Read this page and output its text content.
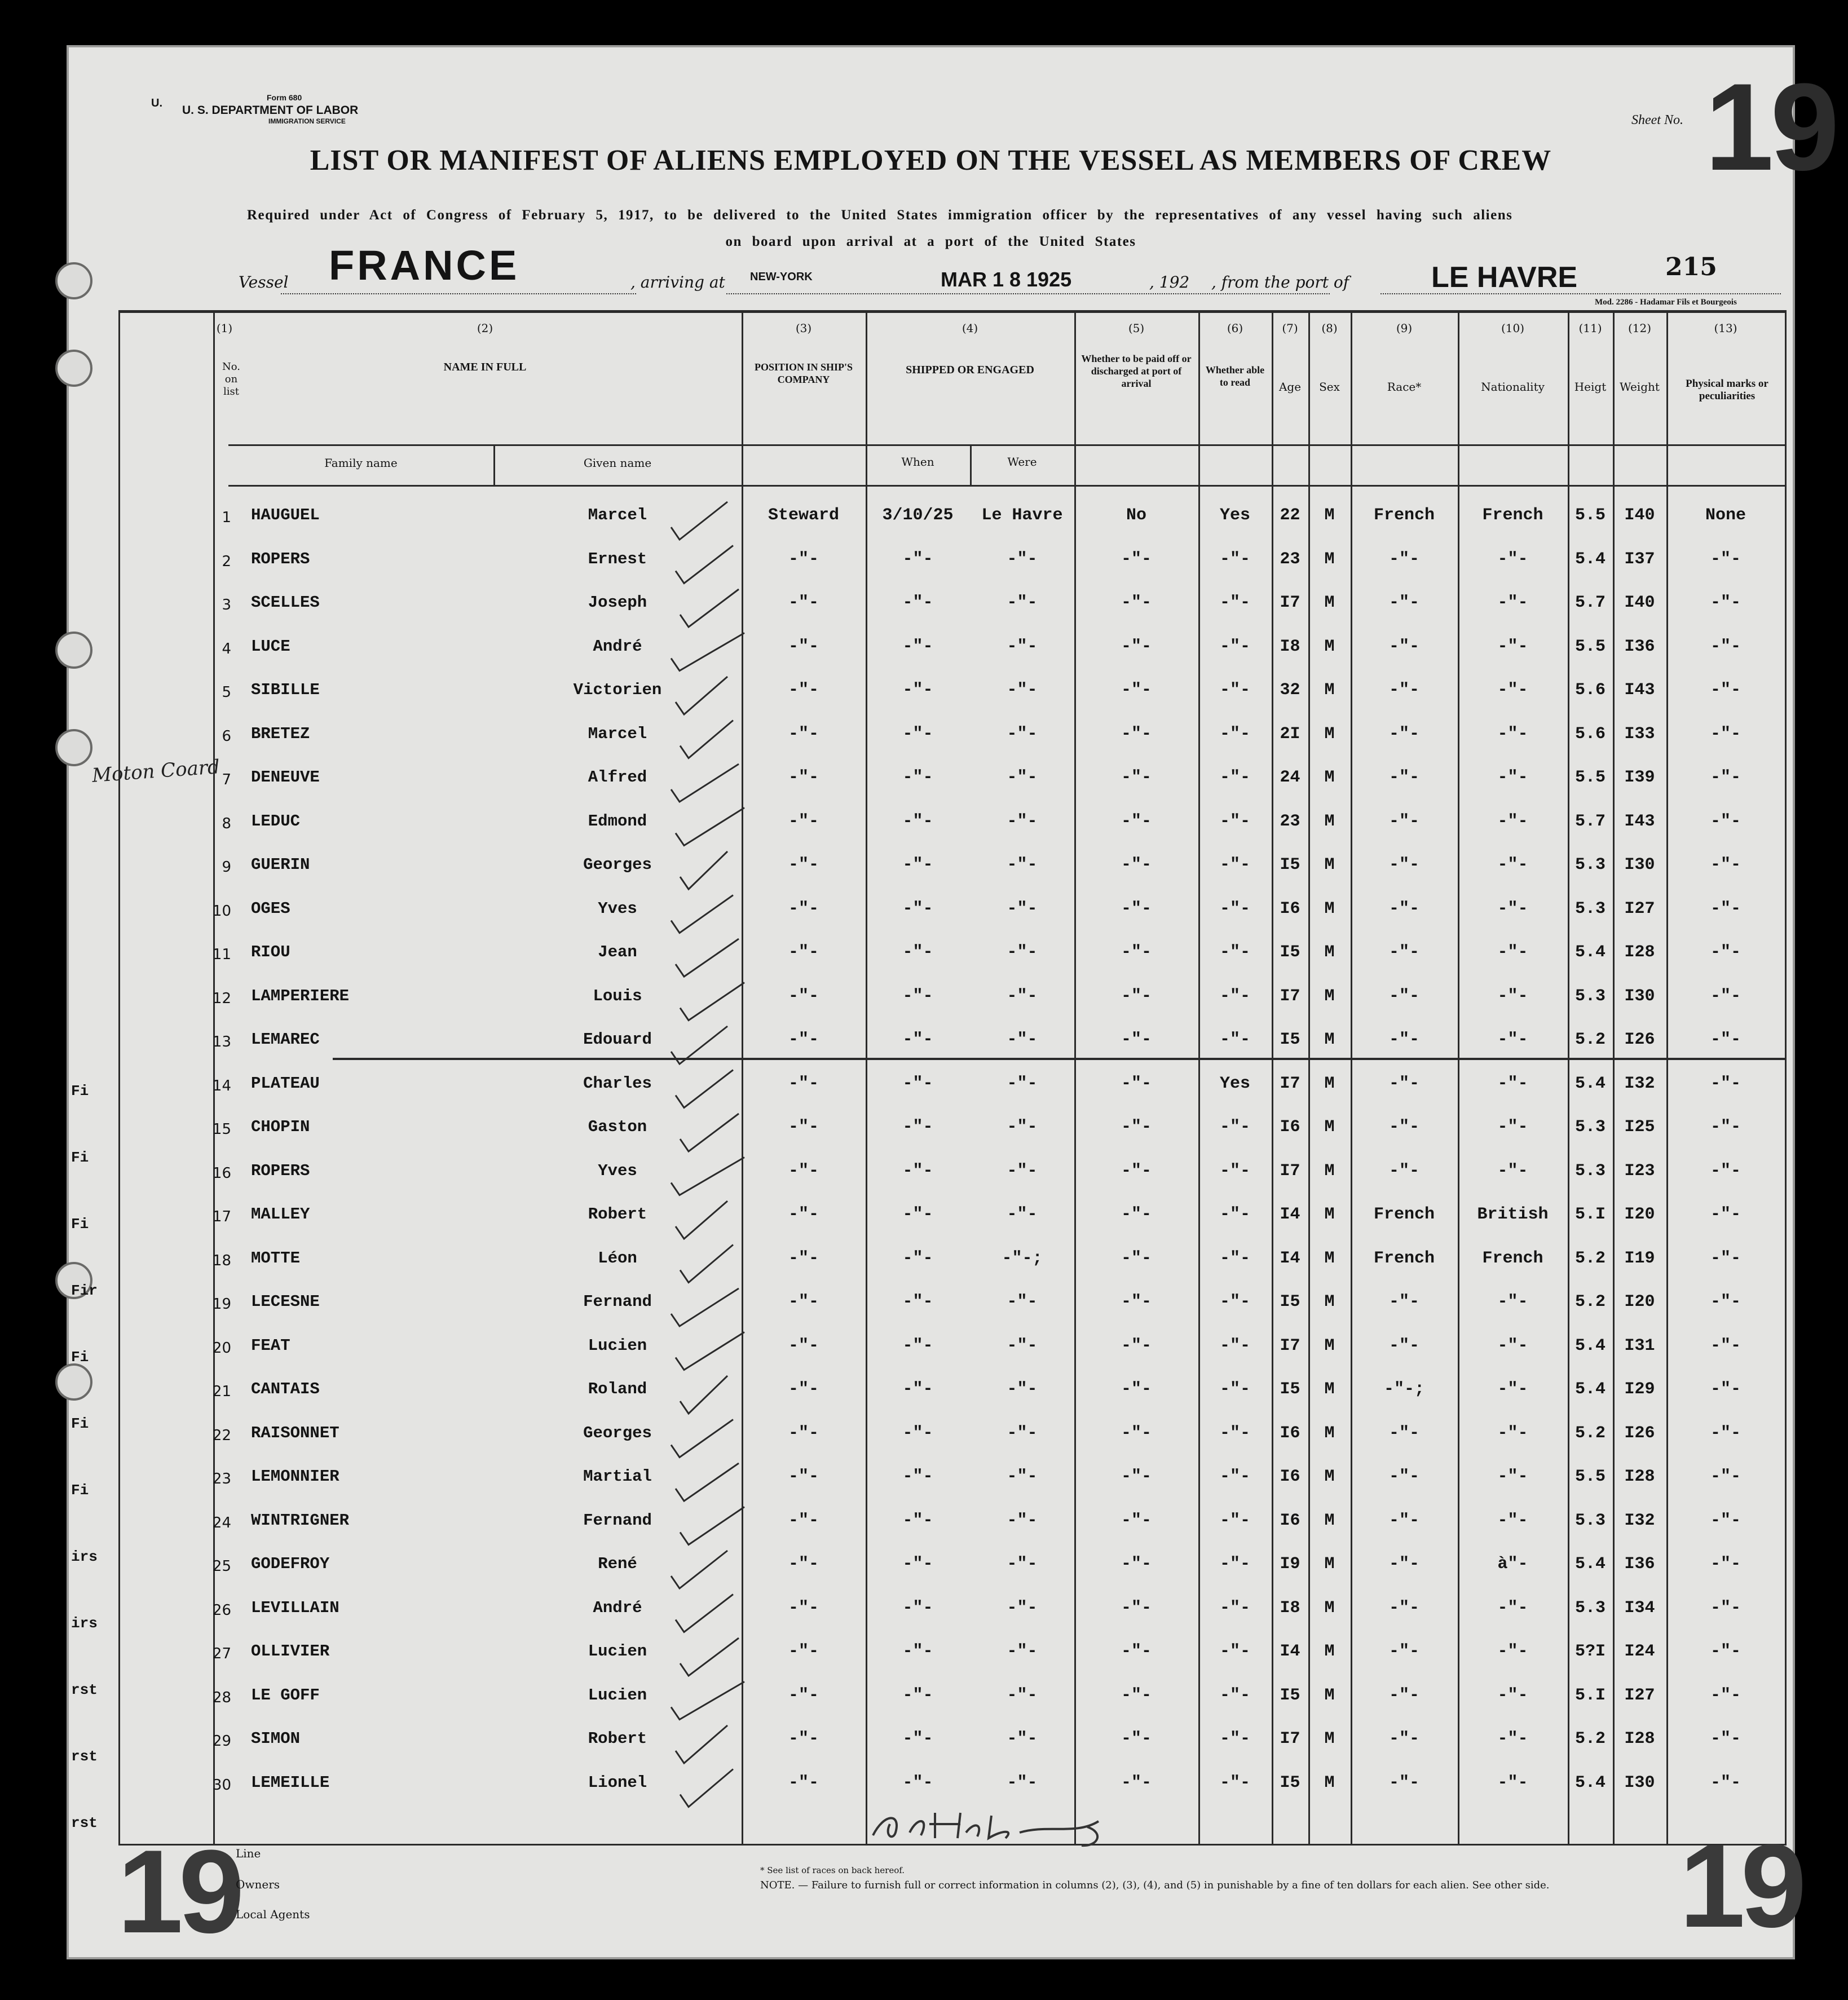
U.	Form 680
U. S. DEPARTMENT OF LABOR
IMMIGRATION SERVICE	Sheet No. 19
LIST OR MANIFEST OF ALIENS EMPLOYED ON THE VESSEL AS MEMBERS OF CREW
Required under Act of Congress of February 5, 1917, to be delivered to the United States immigration officer by the representatives of any vessel having such aliens
on board upon arrival at a port of the United States
Vessel FRANCE	, arriving at NEW-YORK	MAR 1 8 1925	, 192 , from the port of	LE HAVRE	215
Mod. 2286 - Hadamar Fils et Bourgeois
(1)	(2)	(3)	(4)	(5)	(6)	(7)	(8)	(9)	(10)	(11)	(12)	(13)
No. on list
NAME IN FULL
Family name	Given name
POSITION IN SHIP'S COMPANY
SHIPPED OR ENGAGED
When	Were
Whether to be paid off or discharged at port of arrival
Whether able to read	Age	Sex	Race*	Nationality	Heigt	Weight	Physical marks or peculiarities
1 HAUGUEL	Marcel	Steward	3/10/25	Le Havre	No	Yes	22	M	French	French	5.5	I40	None
2 ROPERS	Ernest	-"-	-"-	-"-	-"-	-"-	23	M	-"-	-"-	5.4	I37	-"-
3 SCELLES	Joseph	-"-	-"-	-"-	-"-	-"-	I7	M	-"-	-"-	5.7	I40	-"-
4 LUCE	André	-"-	-"-	-"-	-"-	-"-	I8	M	-"-	-"-	5.5	I36	-"-
5 SIBILLE	Victorien	-"-	-"-	-"-	-"-	-"-	32	M	-"-	-"-	5.6	I43	-"-
6 BRETEZ	Marcel	-"-	-"-	-"-	-"-	-"-	2I	M	-"-	-"-	5.6	I33	-"-
7 DENEUVE	Alfred	-"-	-"-	-"-	-"-	-"-	24	M	-"-	-"-	5.5	I39	-"-
8 LEDUC	Edmond	-"-	-"-	-"-	-"-	-"-	23	M	-"-	-"-	5.7	I43	-"-
9 GUERIN	Georges	-"-	-"-	-"-	-"-	-"-	I5	M	-"-	-"-	5.3	I30	-"-
10 OGES	Yves	-"-	-"-	-"-	-"-	-"-	I6	M	-"-	-"-	5.3	I27	-"-
11 RIOU	Jean	-"-	-"-	-"-	-"-	-"-	I5	M	-"-	-"-	5.4	I28	-"-
12 LAMPERIERE	Louis	-"-	-"-	-"-	-"-	-"-	I7	M	-"-	-"-	5.3	I30	-"-
13 LEMAREC	Edouard	-"-	-"-	-"-	-"-	-"-	I5	M	-"-	-"-	5.2	I26	-"-
14 PLATEAU	Charles	-"-	-"-	-"-	-"-	Yes	I7	M	-"-	-"-	5.4	I32	-"-
15 CHOPIN	Gaston	-"-	-"-	-"-	-"-	-"-	I6	M	-"-	-"-	5.3	I25	-"-
16 ROPERS	Yves	-"-	-"-	-"-	-"-	-"-	I7	M	-"-	-"-	5.3	I23	-"-
17 MALLEY	Robert	-"-	-"-	-"-	-"-	-"-	I4	M	French	British	5.I	I20	-"-
18 MOTTE	Léon	-"-	-"-	-"-;	-"-	-"-	I4	M	French	French	5.2	I19	-"-
19 LECESNE	Fernand	-"-	-"-	-"-	-"-	-"-	I5	M	-"-	-"-	5.2	I20	-"-
20 FEAT	Lucien	-"-	-"-	-"-	-"-	-"-	I7	M	-"-	-"-	5.4	I31	-"-
21 CANTAIS	Roland	-"-	-"-	-"-	-"-	-"-	I5	M	-"-;	-"-	5.4	I29	-"-
22 RAISONNET	Georges	-"-	-"-	-"-	-"-	-"-	I6	M	-"-	-"-	5.2	I26	-"-
23 LEMONNIER	Martial	-"-	-"-	-"-	-"-	-"-	I6	M	-"-	-"-	5.5	I28	-"-
24 WINTRIGNER	Fernand	-"-	-"-	-"-	-"-	-"-	I6	M	-"-	-"-	5.3	I32	-"-
25 GODEFROY	René	-"-	-"-	-"-	-"-	-"-	I9	M	-"-	à"-	5.4	I36	-"-
26 LEVILLAIN	André	-"-	-"-	-"-	-"-	-"-	I8	M	-"-	-"-	5.3	I34	-"-
27 OLLIVIER	Lucien	-"-	-"-	-"-	-"-	-"-	I4	M	-"-	-"-	5?I	I24	-"-
28 LE GOFF	Lucien	-"-	-"-	-"-	-"-	-"-	I5	M	-"-	-"-	5.I	I27	-"-
29 SIMON	Robert	-"-	-"-	-"-	-"-	-"-	I7	M	-"-	-"-	5.2	I28	-"-
30 LEMEILLE	Lionel	-"-	-"-	-"-	-"-	-"-	I5	M	-"-	-"-	5.4	I30	-"-
Moton Coard
Fi
Fi
Fi
Fir
Fi
Fi
Fi
irs
irs
rst
rst
rst
19	19
Line
Owners
Local Agents
* See list of races on back hereof.
NOTE. — Failure to furnish full or correct information in columns (2), (3), (4), and (5) in punishable by a fine of ten dollars for each alien. See other side.
